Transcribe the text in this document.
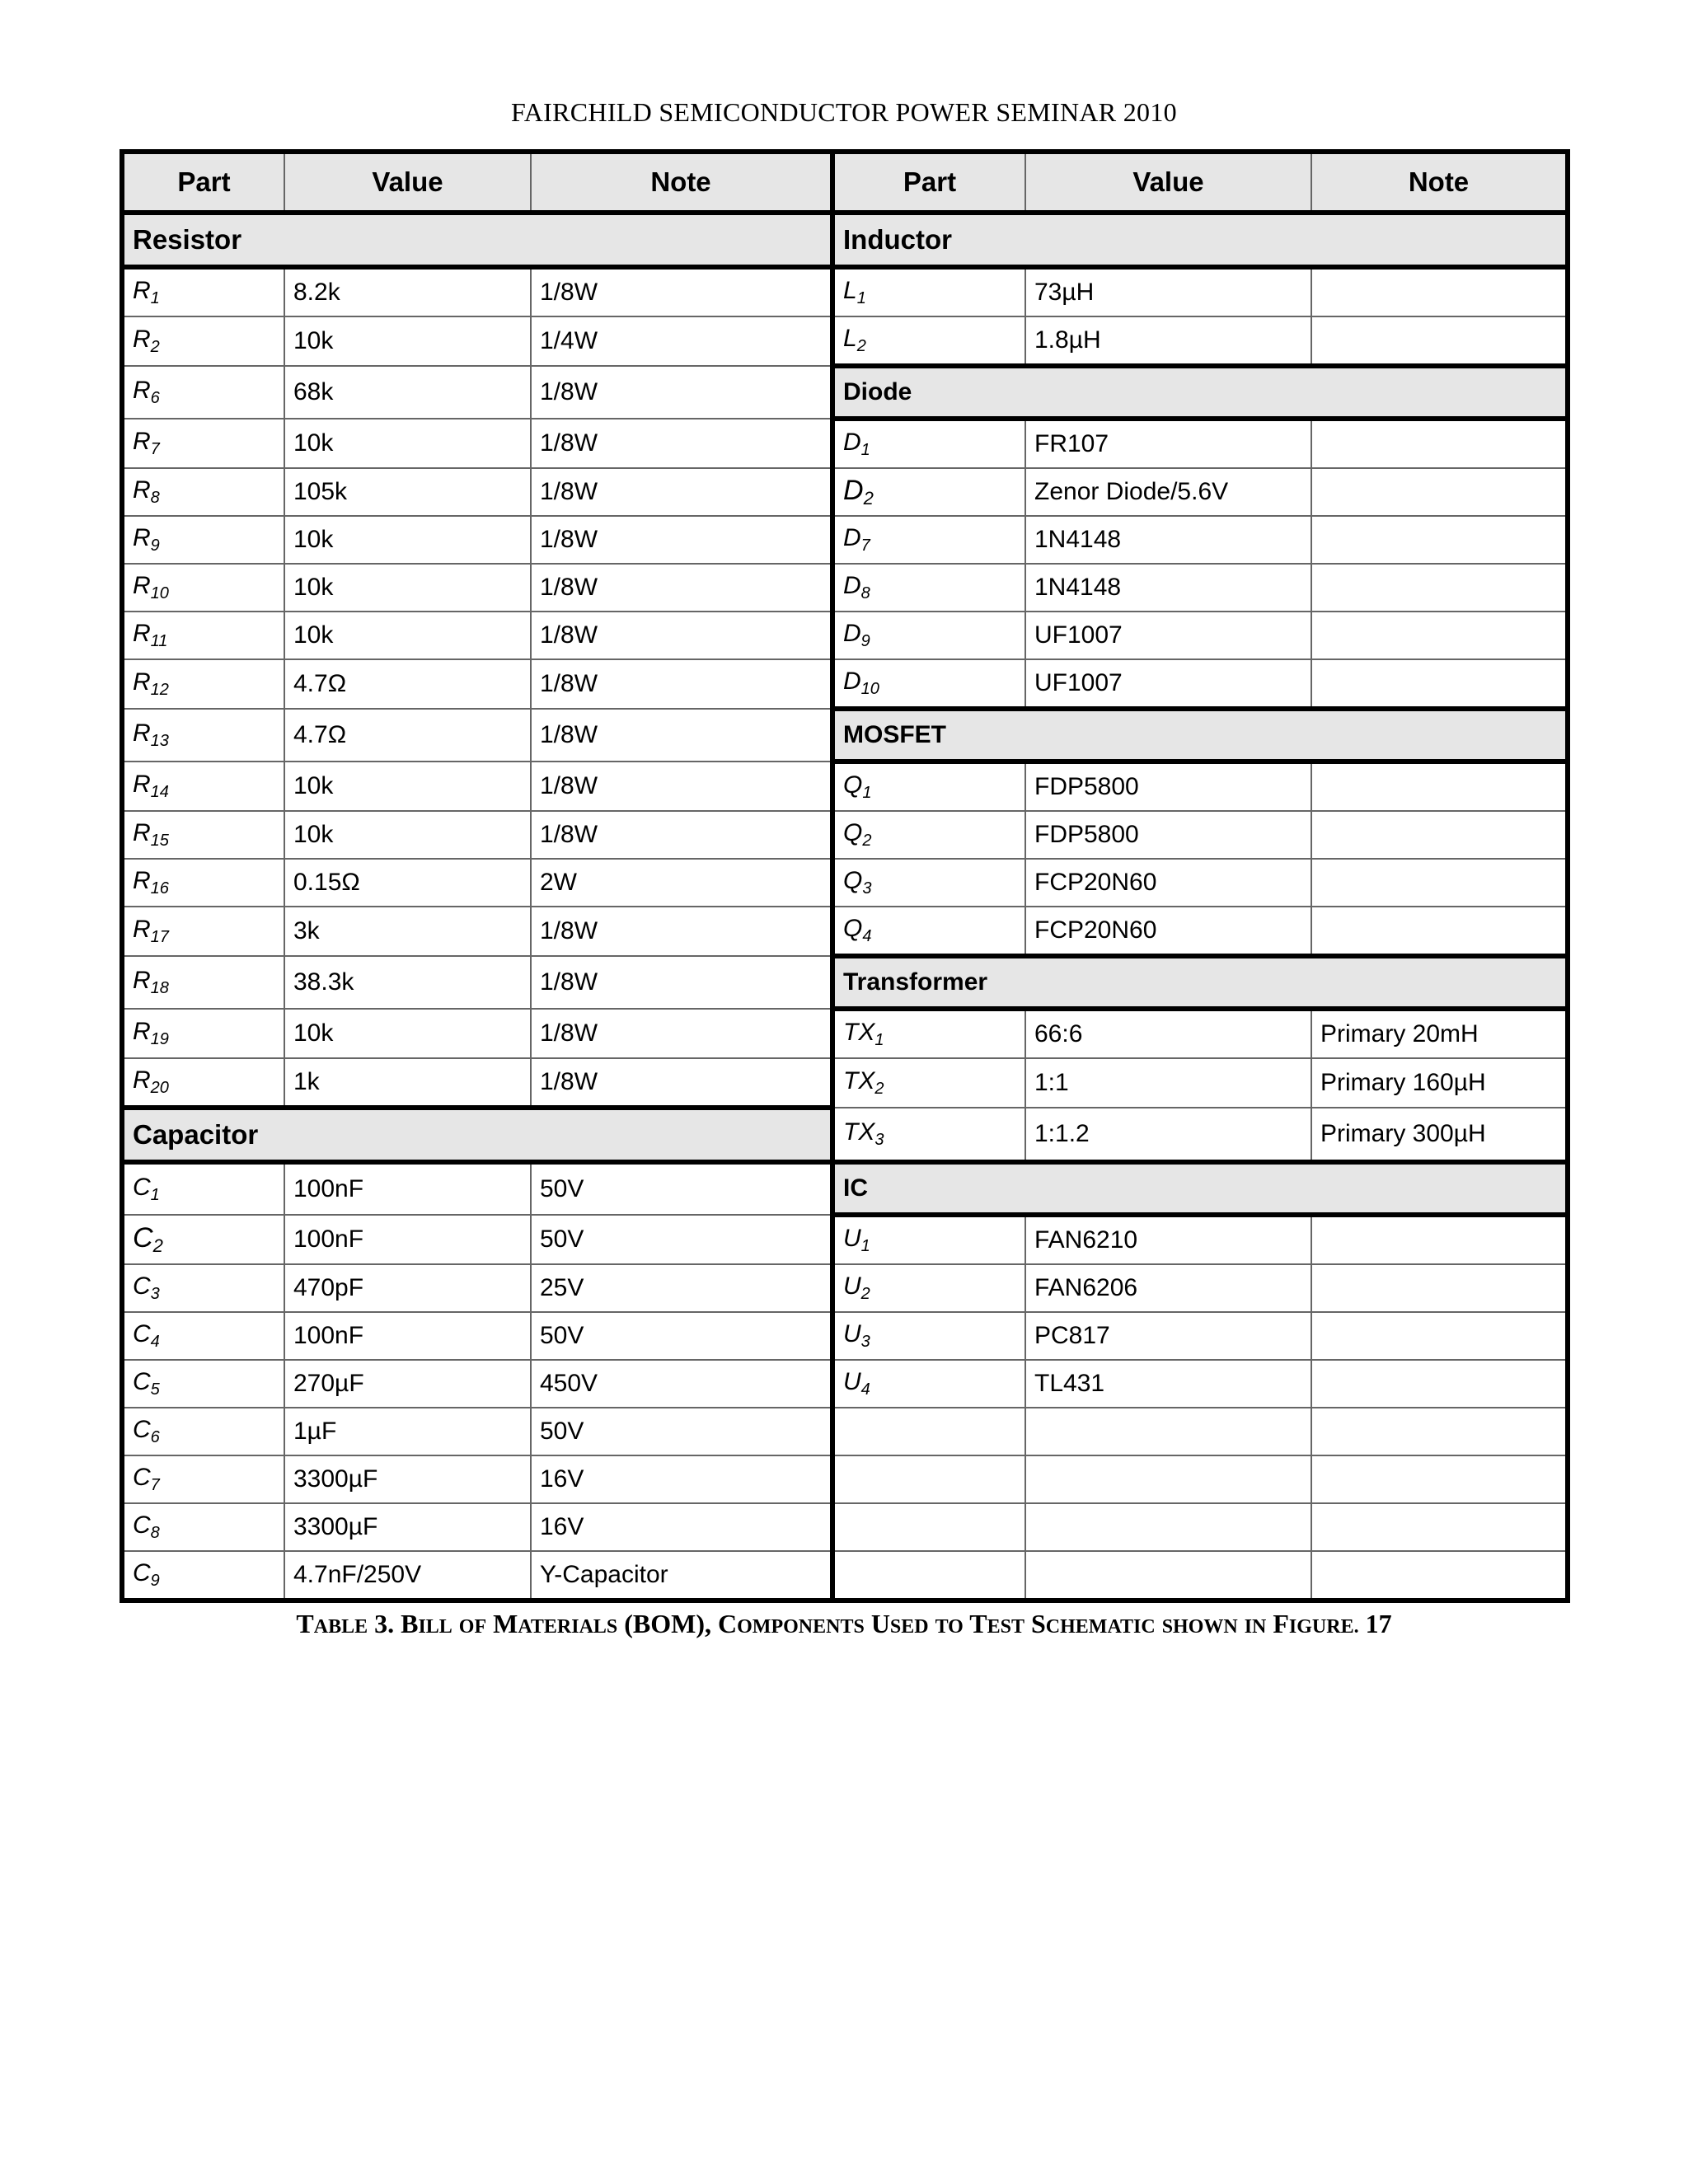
FAIRCHILD SEMICONDUCTOR POWER SEMINAR 2010
Part	Value	Note	Part	Value	Note
Resistor			Inductor		
$R_1$	8.2k	1/8W	$L_1$	73µH	
$R_2$	10k	1/4W	$L_2$	1.8µH	
$R_6$	68k	1/8W	Diode		
$R_7$	10k	1/8W	$D_1$	FR107	
$R_8$	105k	1/8W	$D_2$	Zenor Diode/5.6V	
$R_9$	10k	1/8W	$D_7$	1N4148	
$R_{10}$	10k	1/8W	$D_8$	1N4148	
$R_{11}$	10k	1/8W	$D_9$	UF1007	
$R_{12}$	4.7Ω	1/8W	$D_{10}$	UF1007	
$R_{13}$	4.7Ω	1/8W	MOSFET		
$R_{14}$	10k	1/8W	$Q_1$	FDP5800	
$R_{15}$	10k	1/8W	$Q_2$	FDP5800	
$R_{16}$	0.15Ω	2W	$Q_3$	FCP20N60	
$R_{17}$	3k	1/8W	$Q_4$	FCP20N60	
$R_{18}$	38.3k	1/8W	Transformer		
$R_{19}$	10k	1/8W	$TX_1$	66:6	Primary 20mH
$R_{20}$	1k	1/8W	$TX_2$	1:1	Primary 160µH
Capacitor			$TX_3$	1:1.2	Primary 300µH
$C_1$	100nF	50V	IC		
$C_2$	100nF	50V	$U_1$	FAN6210	
$C_3$	470pF	25V	$U_2$	FAN6206	
$C_4$	100nF	50V	$U_3$	PC817	
$C_5$	270µF	450V	$U_4$	TL431	
$C_6$	1µF	50V			
$C_7$	3300µF	16V			
$C_8$	3300µF	16V			
$C_9$	4.7nF/250V	Y-Capacitor			
TABLE 3. BILL OF MATERIALS (BOM), COMPONENTS USED TO TEST SCHEMATIC SHOWN IN FIGURE. 17
